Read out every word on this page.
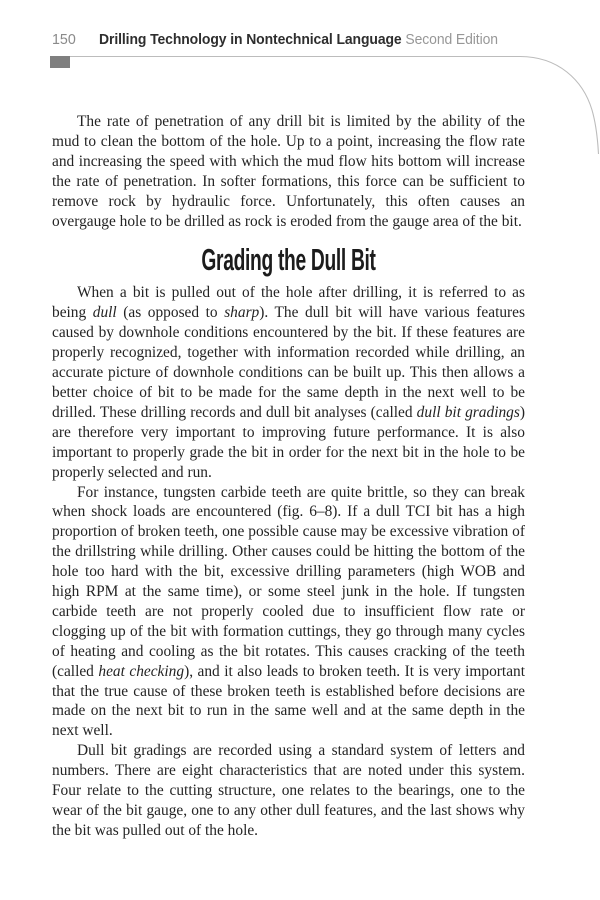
150	Drilling Technology in Nontechnical Language Second Edition

The rate of penetration of any drill bit is limited by the ability of the mud to clean the bottom of the hole. Up to a point, increasing the flow rate and increasing the speed with which the mud flow hits bottom will increase the rate of penetration. In softer formations, this force can be sufficient to remove rock by hydraulic force. Unfortunately, this often causes an overgauge hole to be drilled as rock is eroded from the gauge area of the bit.

Grading the Dull Bit

When a bit is pulled out of the hole after drilling, it is referred to as being dull (as opposed to sharp). The dull bit will have various features caused by downhole conditions encountered by the bit. If these features are properly recognized, together with information recorded while drilling, an accurate picture of downhole conditions can be built up. This then allows a better choice of bit to be made for the same depth in the next well to be drilled. These drilling records and dull bit analyses (called dull bit gradings) are therefore very important to improving future performance. It is also important to properly grade the bit in order for the next bit in the hole to be properly selected and run.

For instance, tungsten carbide teeth are quite brittle, so they can break when shock loads are encountered (fig. 6–8). If a dull TCI bit has a high proportion of broken teeth, one possible cause may be excessive vibration of the drillstring while drilling. Other causes could be hitting the bottom of the hole too hard with the bit, excessive drilling parameters (high WOB and high RPM at the same time), or some steel junk in the hole. If tungsten carbide teeth are not properly cooled due to insufficient flow rate or clogging up of the bit with formation cuttings, they go through many cycles of heating and cooling as the bit rotates. This causes cracking of the teeth (called heat checking), and it also leads to broken teeth. It is very important that the true cause of these broken teeth is established before decisions are made on the next bit to run in the same well and at the same depth in the next well.

Dull bit gradings are recorded using a standard system of letters and numbers. There are eight characteristics that are noted under this system. Four relate to the cutting structure, one relates to the bearings, one to the wear of the bit gauge, one to any other dull features, and the last shows why the bit was pulled out of the hole.
